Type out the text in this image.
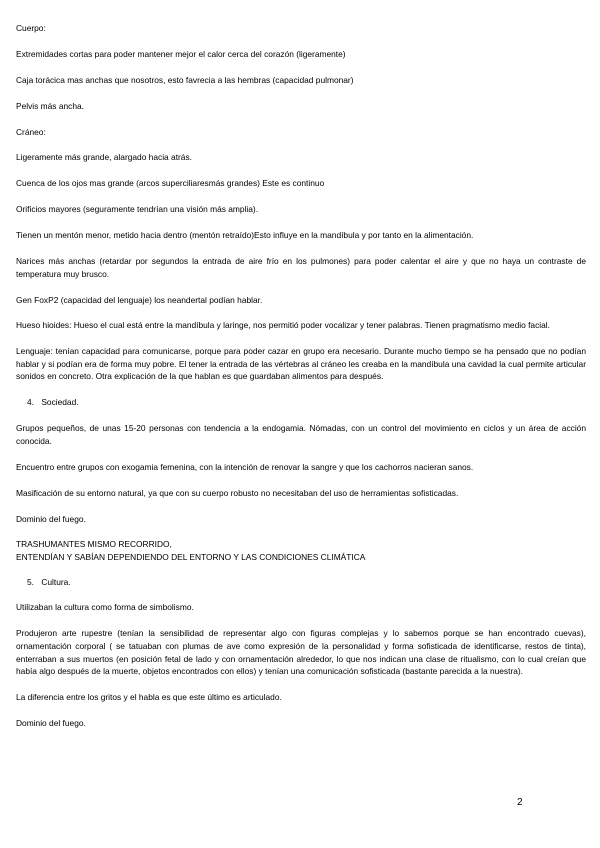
Cuerpo:

Extremidades cortas para poder mantener mejor el calor cerca del corazón (ligeramente)

Caja torácica mas anchas que nosotros, esto favrecia a las hembras (capacidad pulmonar)

Pelvis más ancha.

Cráneo:

Ligeramente más grande, alargado hacia atrás.

Cuenca de los ojos mas grande (arcos superciliaresmás grandes) Este es continuo

Orificios mayores (seguramente tendrían una visión más amplia).

Tienen un mentón menor, metido hacia dentro (mentón retraído)Esto influye en la mandíbula y por tanto en la alimentación.

Narices más anchas (retardar por segundos la entrada de aire frío en los pulmones) para poder calentar el aire y que no haya un contraste de temperatura muy brusco.

Gen FoxP2 (capacidad del lenguaje) los neandertal podían hablar.

Hueso hioides: Hueso el cual está entre la mandíbula y laringe, nos permitió poder vocalizar y tener palabras. Tienen pragmatismo medio facial.

Lenguaje: tenían capacidad para comunicarse, porque para poder cazar en grupo era necesario. Durante mucho tiempo se ha pensado que no podían hablar y si podían era de forma muy pobre. El tener la entrada de las vértebras al cráneo les creaba en la mandíbula una cavidad la cual permite articular sonidos en concreto. Otra explicación de la que hablan es que guardaban alimentos para después.

4. Sociedad.

Grupos pequeños, de unas 15-20 personas con tendencia a la endogamia. Nómadas, con un control del movimiento en ciclos y un área de acción conocida.

Encuentro entre grupos con exogamia femenina, con la intención de renovar la sangre y que los cachorros nacieran sanos.

Masificación de su entorno natural, ya que con su cuerpo robusto no necesitaban del uso de herramientas sofisticadas.

Dominio del fuego.

TRASHUMANTES MISMO RECORRIDO,
ENTENDÍAN Y SABÍAN DEPENDIENDO DEL ENTORNO Y LAS CONDICIONES CLIMÁTICA

5. Cultura.

Utilizaban la cultura como forma de simbolismo.

Produjeron arte rupestre (tenían la sensibilidad de representar algo con figuras complejas y lo sabemos porque se han encontrado cuevas), ornamentación corporal ( se tatuaban con plumas de ave como expresión de la personalidad y forma sofisticada de identificarse, restos de tinta), enterraban a sus muertos (en posición fetal de lado y con ornamentación alrededor, lo que nos indican una clase de ritualismo, con lo cual creían que había algo después de la muerte, objetos encontrados con ellos) y tenían una comunicación sofisticada (bastante parecida a la nuestra).

La diferencia entre los gritos y el habla es que este último es articulado.

Dominio del fuego.

2
